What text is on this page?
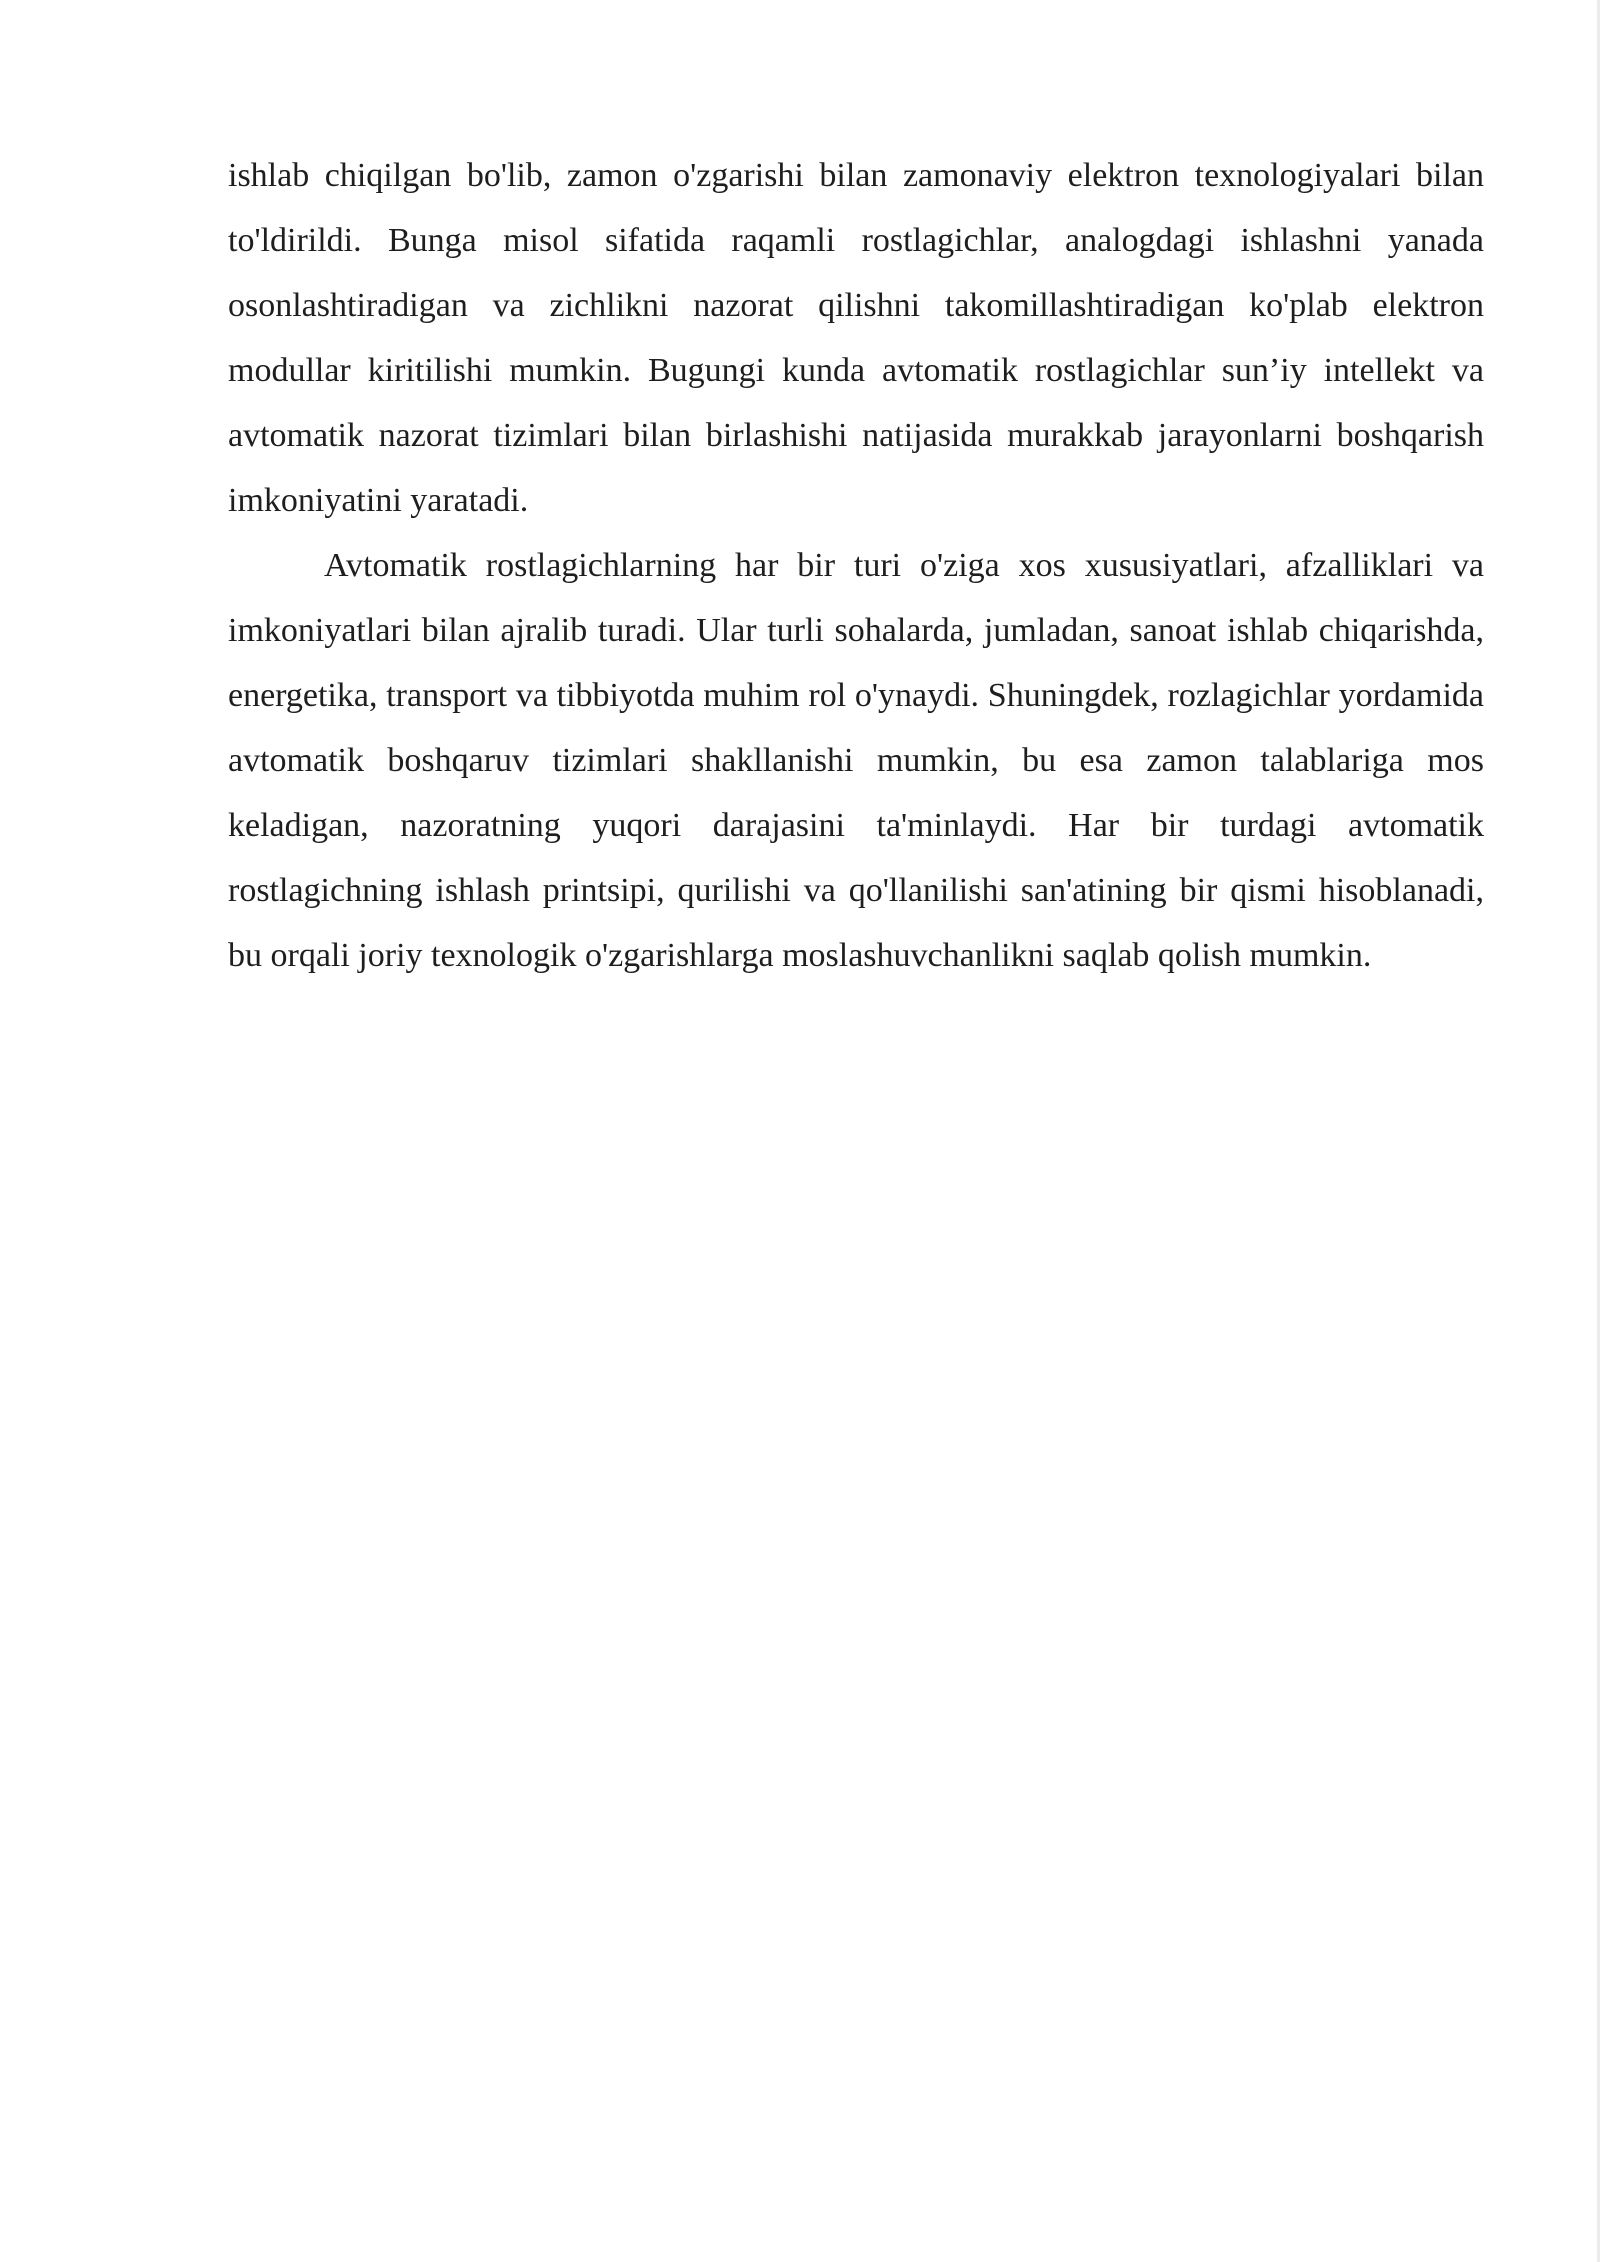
ishlab chiqilgan bo'lib, zamon o'zgarishi bilan zamonaviy elektron texnologiyalari bilan to'ldirildi. Bunga misol sifatida raqamli rostlagichlar, analogdagi ishlashni yanada osonlashtiradigan va zichlikni nazorat qilishni takomillashtiradigan ko'plab elektron modullar kiritilishi mumkin. Bugungi kunda avtomatik rostlagichlar sun’iy intellekt va avtomatik nazorat tizimlari bilan birlashishi natijasida murakkab jarayonlarni boshqarish imkoniyatini yaratadi.

Avtomatik rostlagichlarning har bir turi o'ziga xos xususiyatlari, afzalliklari va imkoniyatlari bilan ajralib turadi. Ular turli sohalarda, jumladan, sanoat ishlab chiqarishda, energetika, transport va tibbiyotda muhim rol o'ynaydi. Shuningdek, rozlagichlar yordamida avtomatik boshqaruv tizimlari shakllanishi mumkin, bu esa zamon talablariga mos keladigan, nazoratning yuqori darajasini ta'minlaydi. Har bir turdagi avtomatik rostlagichning ishlash printsipi, qurilishi va qo'llanilishi san'atining bir qismi hisoblanadi, bu orqali joriy texnologik o'zgarishlarga moslashuvchanlikni saqlab qolish mumkin.
